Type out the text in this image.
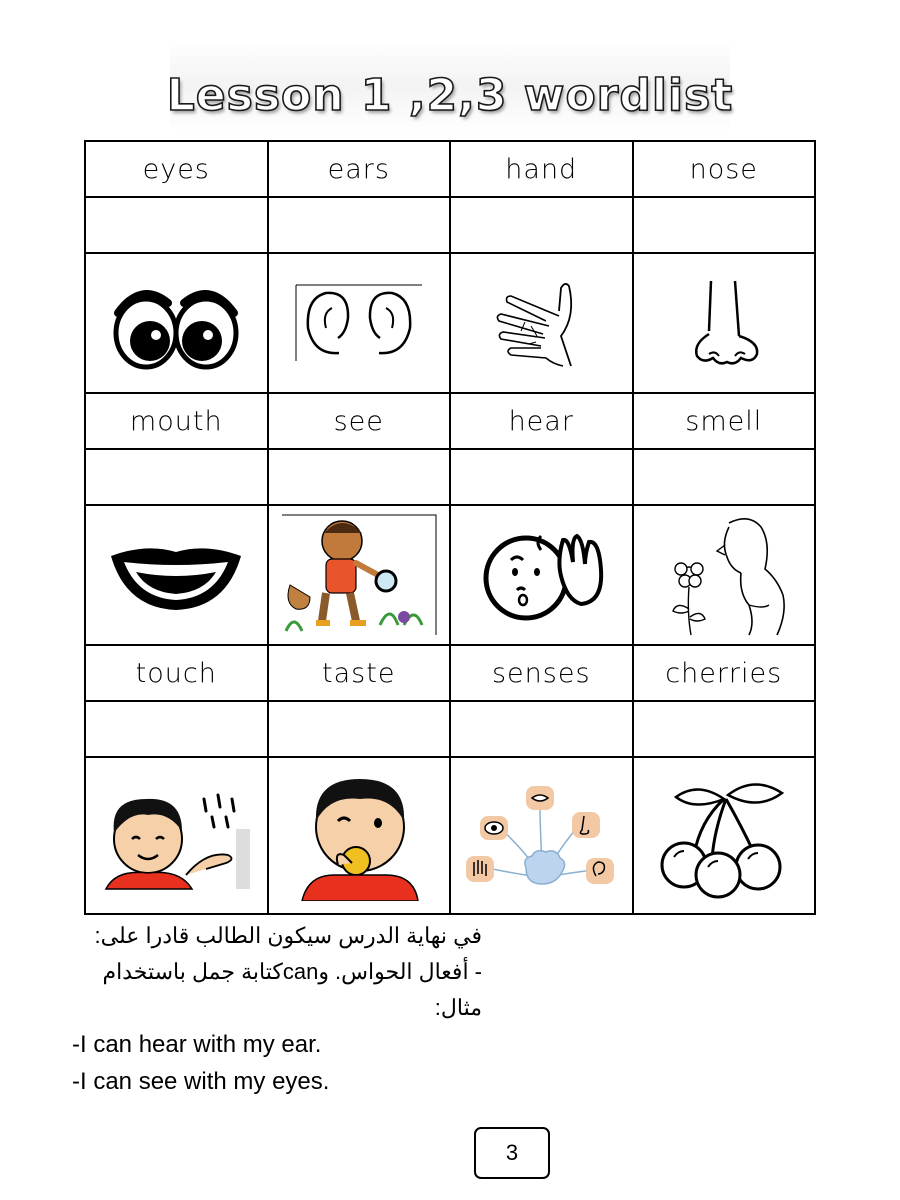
Lesson 1 ,2,3 wordlist
eyes	ears	hand	nose

mouth	see	hear	smell

touch	taste	senses	cherries

في نهاية الدرس سيكون الطالب قادرا على:
- أفعال الحواس. وcanكتابة جمل باستخدام
مثال:
-I can hear with my ear.
-I can see with my eyes.
3
